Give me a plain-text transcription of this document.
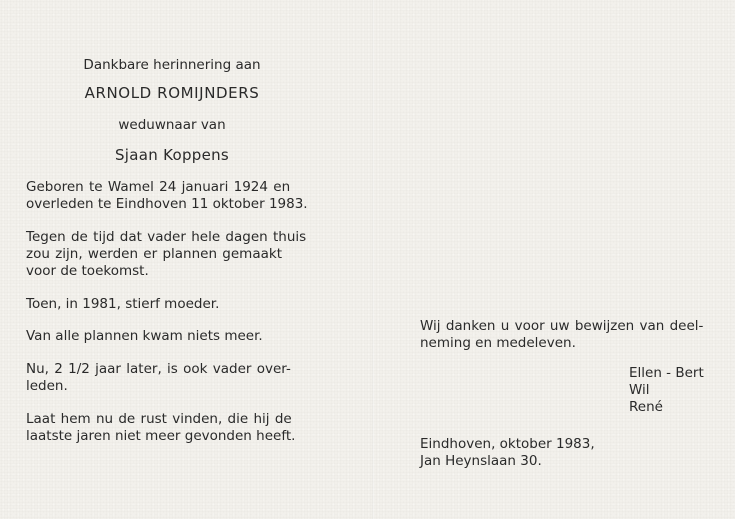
Dankbare herinnering aan

ARNOLD ROMIJNDERS

weduwnaar van

Sjaan Koppens

Geboren te Wamel 24 januari 1924 en

overleden te Eindhoven 11 oktober 1983.

Tegen de tijd dat vader hele dagen thuis

zou zijn, werden er plannen gemaakt

voor de toekomst.

Toen, in 1981, stierf moeder.

Van alle plannen kwam niets meer.

Nu, 2 1/2 jaar later, is ook vader over-

leden.

Laat hem nu de rust vinden, die hij de

laatste jaren niet meer gevonden heeft.

Wij danken u voor uw bewijzen van deel-

neming en medeleven.

Ellen - Bert

Wil

René

Eindhoven, oktober 1983,

Jan Heynslaan 30.
